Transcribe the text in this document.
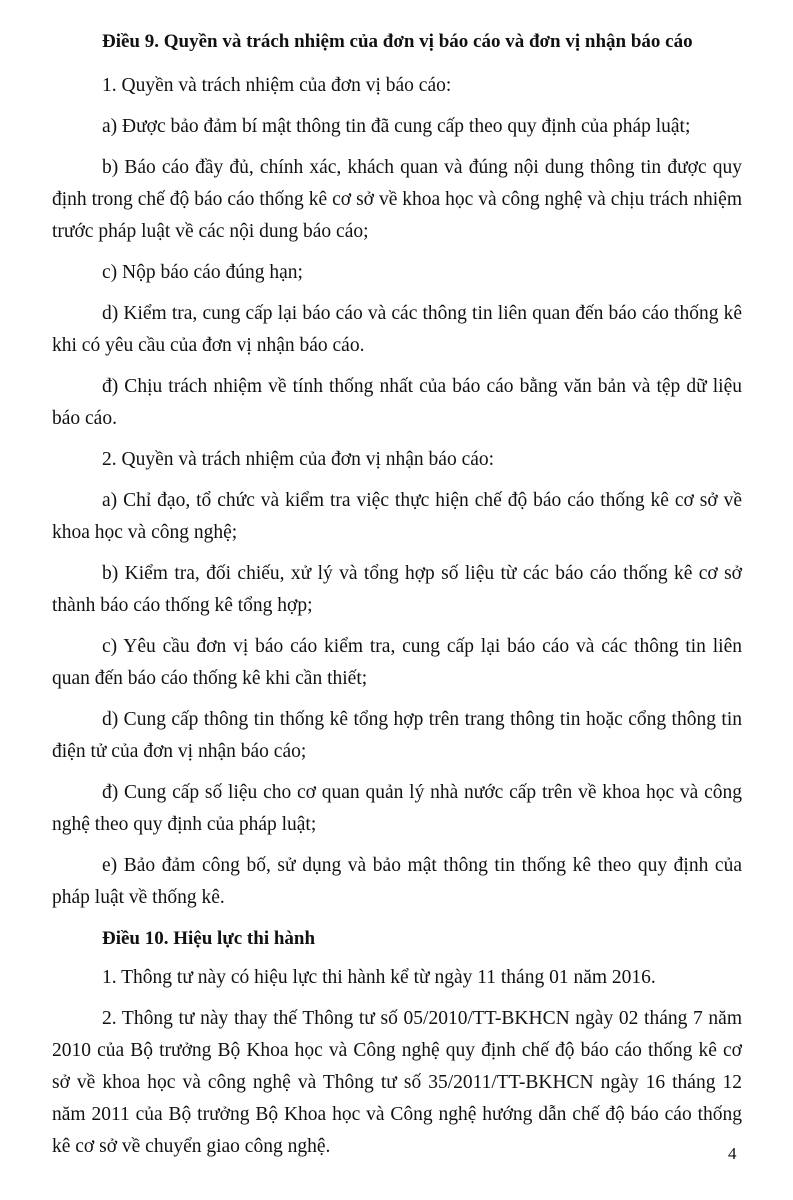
Điều 9. Quyền và trách nhiệm của đơn vị báo cáo và đơn vị nhận báo cáo
1. Quyền và trách nhiệm của đơn vị báo cáo:
a) Được bảo đảm bí mật thông tin đã cung cấp theo quy định của pháp luật;
b) Báo cáo đầy đủ, chính xác, khách quan và đúng nội dung thông tin được quy định trong chế độ báo cáo thống kê cơ sở về khoa học và công nghệ và chịu trách nhiệm trước pháp luật về các nội dung báo cáo;
c) Nộp báo cáo đúng hạn;
d) Kiểm tra, cung cấp lại báo cáo và các thông tin liên quan đến báo cáo thống kê khi có yêu cầu của đơn vị nhận báo cáo.
đ) Chịu trách nhiệm về tính thống nhất của báo cáo bằng văn bản và tệp dữ liệu báo cáo.
2. Quyền và trách nhiệm của đơn vị nhận báo cáo:
a) Chỉ đạo, tổ chức và kiểm tra việc thực hiện chế độ báo cáo thống kê cơ sở về khoa học và công nghệ;
b) Kiểm tra, đối chiếu, xử lý và tổng hợp số liệu từ các báo cáo thống kê cơ sở thành báo cáo thống kê tổng hợp;
c) Yêu cầu đơn vị báo cáo kiểm tra, cung cấp lại báo cáo và các thông tin liên quan đến báo cáo thống kê khi cần thiết;
d) Cung cấp thông tin thống kê tổng hợp trên trang thông tin hoặc cổng thông tin điện tử của đơn vị nhận báo cáo;
đ) Cung cấp số liệu cho cơ quan quản lý nhà nước cấp trên về khoa học và công nghệ theo quy định của pháp luật;
e) Bảo đảm công bố, sử dụng và bảo mật thông tin thống kê theo quy định của pháp luật về thống kê.
Điều 10. Hiệu lực thi hành
1. Thông tư này có hiệu lực thi hành kể từ ngày 11 tháng 01 năm 2016.
2. Thông tư này thay thế Thông tư số 05/2010/TT-BKHCN ngày 02 tháng 7 năm 2010 của Bộ trưởng Bộ Khoa học và Công nghệ quy định chế độ báo cáo thống kê cơ sở về khoa học và công nghệ và Thông tư số 35/2011/TT-BKHCN ngày 16 tháng 12 năm 2011 của Bộ trưởng Bộ Khoa học và Công nghệ hướng dẫn chế độ báo cáo thống kê cơ sở về chuyển giao công nghệ.	4
